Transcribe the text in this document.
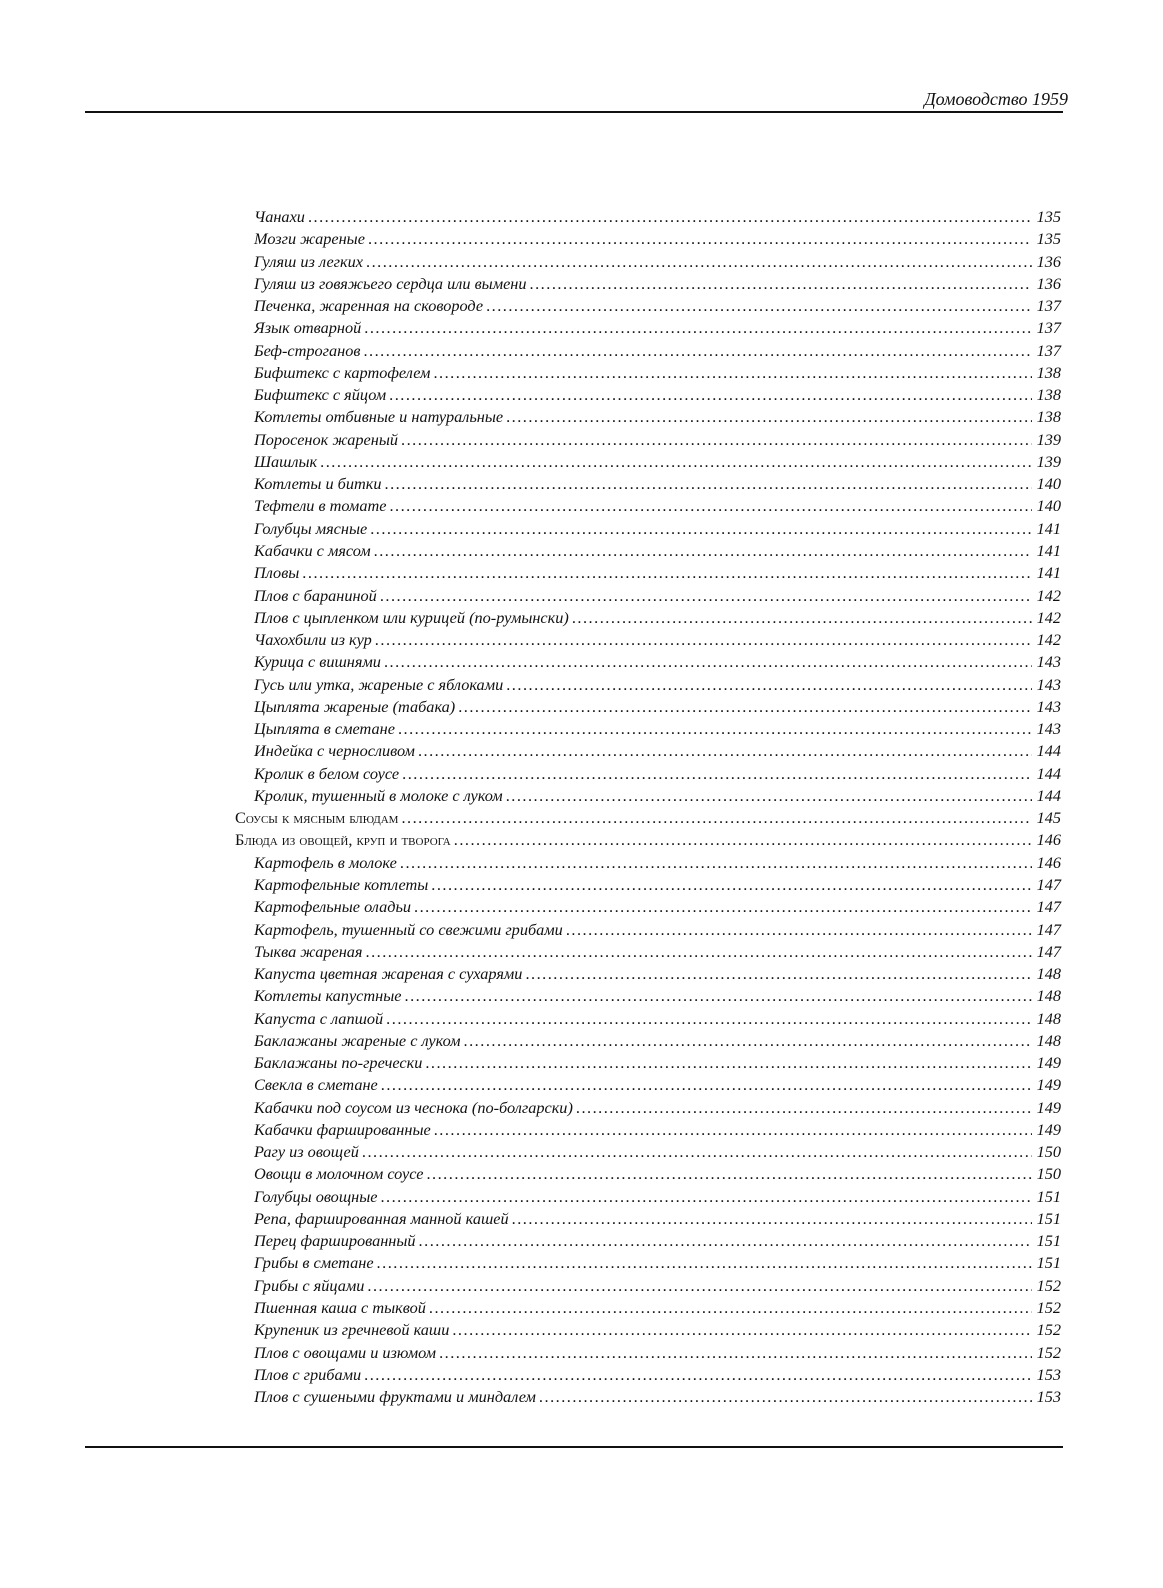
Домоводство 1959
Чанахи .....	135
Мозги жареные .....	135
Гуляш из легких .....	136
Гуляш из говяжьего сердца или вымени .....	136
Печенка, жаренная на сковороде .....	137
Язык отварной .....	137
Беф-строганов .....	137
Бифштекс с картофелем .....	138
Бифштекс с яйцом .....	138
Котлеты отбивные и натуральные .....	138
Поросенок жареный .....	139
Шашлык .....	139
Котлеты и битки .....	140
Тефтели в томате .....	140
Голубцы мясные .....	141
Кабачки с мясом .....	141
Пловы .....	141
Плов с бараниной .....	142
Плов с цыпленком или курицей (по-румынски) .....	142
Чахохбили из кур .....	142
Курица с вишнями .....	143
Гусь или утка, жареные с яблоками .....	143
Цыплята жареные (табака) .....	143
Цыплята в сметане .....	143
Индейка с черносливом .....	144
Кролик в белом соусе .....	144
Кролик, тушенный в молоке с луком .....	144
Соусы к мясным блюдам .....	145
Блюда из овощей, круп и творога .....	146
Картофель в молоке .....	146
Картофельные котлеты .....	147
Картофельные оладьи .....	147
Картофель, тушенный со свежими грибами .....	147
Тыква жареная .....	147
Капуста цветная жареная с сухарями .....	148
Котлеты капустные .....	148
Капуста с лапшой .....	148
Баклажаны жареные с луком .....	148
Баклажаны по-гречески .....	149
Свекла в сметане .....	149
Кабачки под соусом из чеснока (по-болгарски) .....	149
Кабачки фаршированные .....	149
Рагу из овощей .....	150
Овощи в молочном соусе .....	150
Голубцы овощные .....	151
Репа, фаршированная манной кашей .....	151
Перец фаршированный .....	151
Грибы в сметане .....	151
Грибы с яйцами .....	152
Пшенная каша с тыквой .....	152
Крупеник из гречневой каши .....	152
Плов с овощами и изюмом .....	152
Плов с грибами .....	153
Плов с сушеными фруктами и миндалем .....	153
